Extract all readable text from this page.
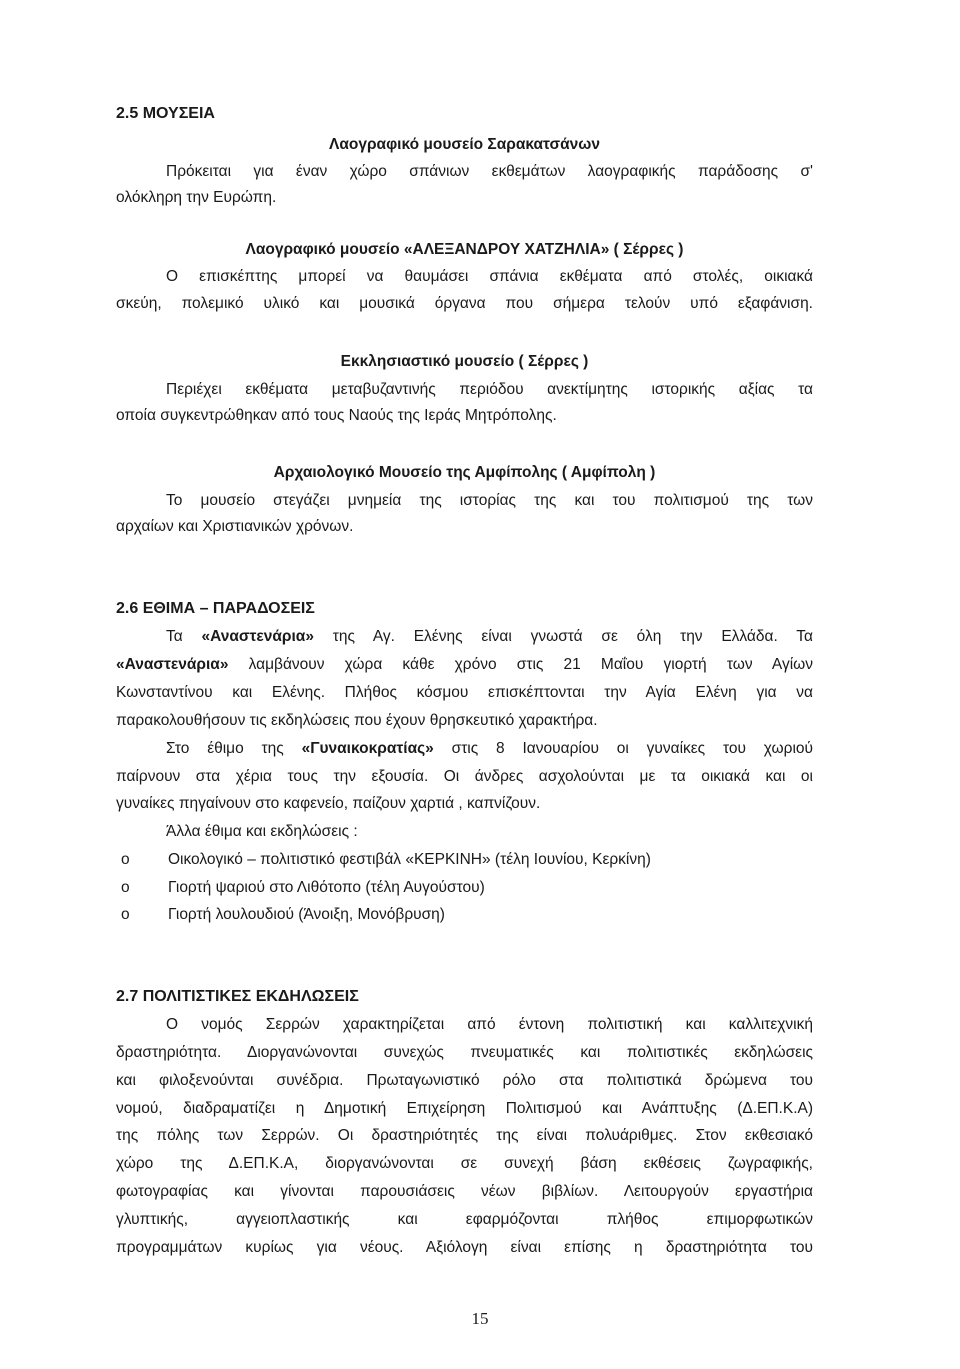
2.5 ΜΟΥΣΕΙΑ
Λαογραφικό μουσείο Σαρακατσάνων
Πρόκειται για έναν χώρο σπάνιων εκθεμάτων λαογραφικής παράδοσης σ'
ολόκληρη την Ευρώπη.
Λαογραφικό μουσείο «ΑΛΕΞΑΝΔΡΟΥ ΧΑΤΖΗΛΙΑ» ( Σέρρες )
Ο επισκέπτης μπορεί να θαυμάσει σπάνια εκθέματα από στολές, οικιακά
σκεύη, πολεμικό υλικό και μουσικά όργανα που σήμερα τελούν υπό εξαφάνιση.
Εκκλησιαστικό μουσείο ( Σέρρες )
Περιέχει εκθέματα μεταβυζαντινής περιόδου ανεκτίμητης ιστορικής αξίας τα
οποία συγκεντρώθηκαν από τους Ναούς της Ιεράς Μητρόπολης.
Αρχαιολογικό Μουσείο της Αμφίπολης ( Αμφίπολη )
Το μουσείο στεγάζει μνημεία της ιστορίας της και του πολιτισμού της των
αρχαίων και Χριστιανικών χρόνων.
2.6 ΕΘΙΜΑ – ΠΑΡΑΔΟΣΕΙΣ
Τα «Αναστενάρια» της Αγ. Ελένης είναι γνωστά σε όλη την Ελλάδα. Τα
«Αναστενάρια» λαμβάνουν χώρα κάθε χρόνο στις 21 Μαΐου γιορτή των Αγίων
Κωνσταντίνου και Ελένης. Πλήθος κόσμου επισκέπτονται την Αγία Ελένη για να
παρακολουθήσουν τις εκδηλώσεις που έχουν θρησκευτικό χαρακτήρα.
Στο έθιμο της «Γυναικοκρατίας» στις 8 Ιανουαρίου οι γυναίκες του χωριού
παίρνουν στα χέρια τους την εξουσία. Οι άνδρες ασχολούνται με τα οικιακά και οι
γυναίκες πηγαίνουν στο καφενείο, παίζουν χαρτιά , καπνίζουν.
Άλλα έθιμα και εκδηλώσεις :
o Οικολογικό – πολιτιστικό φεστιβάλ «ΚΕΡΚΙΝΗ» (τέλη Ιουνίου, Κερκίνη)
o Γιορτή ψαριού στο Λιθότοπο (τέλη Αυγούστου)
o Γιορτή λουλουδιού (Άνοιξη, Μονόβρυση)
2.7 ΠΟΛΙΤΙΣΤΙΚΕΣ ΕΚΔΗΛΩΣΕΙΣ
Ο νομός Σερρών χαρακτηρίζεται από έντονη πολιτιστική και καλλιτεχνική
δραστηριότητα. Διοργανώνονται συνεχώς πνευματικές και πολιτιστικές εκδηλώσεις
και φιλοξενούνται συνέδρια. Πρωταγωνιστικό ρόλο στα πολιτιστικά δρώμενα του
νομού, διαδραματίζει η Δημοτική Επιχείρηση Πολιτισμού και Ανάπτυξης (Δ.ΕΠ.Κ.Α)
της πόλης των Σερρών. Οι δραστηριότητές της είναι πολυάριθμες. Στον εκθεσιακό
χώρο της Δ.ΕΠ.Κ.Α, διοργανώνονται σε συνεχή βάση εκθέσεις ζωγραφικής,
φωτογραφίας και γίνονται παρουσιάσεις νέων βιβλίων. Λειτουργούν εργαστήρια
γλυπτικής, αγγειοπλαστικής και εφαρμόζονται πλήθος επιμορφωτικών
προγραμμάτων κυρίως για νέους. Αξιόλογη είναι επίσης η δραστηριότητα του
15
